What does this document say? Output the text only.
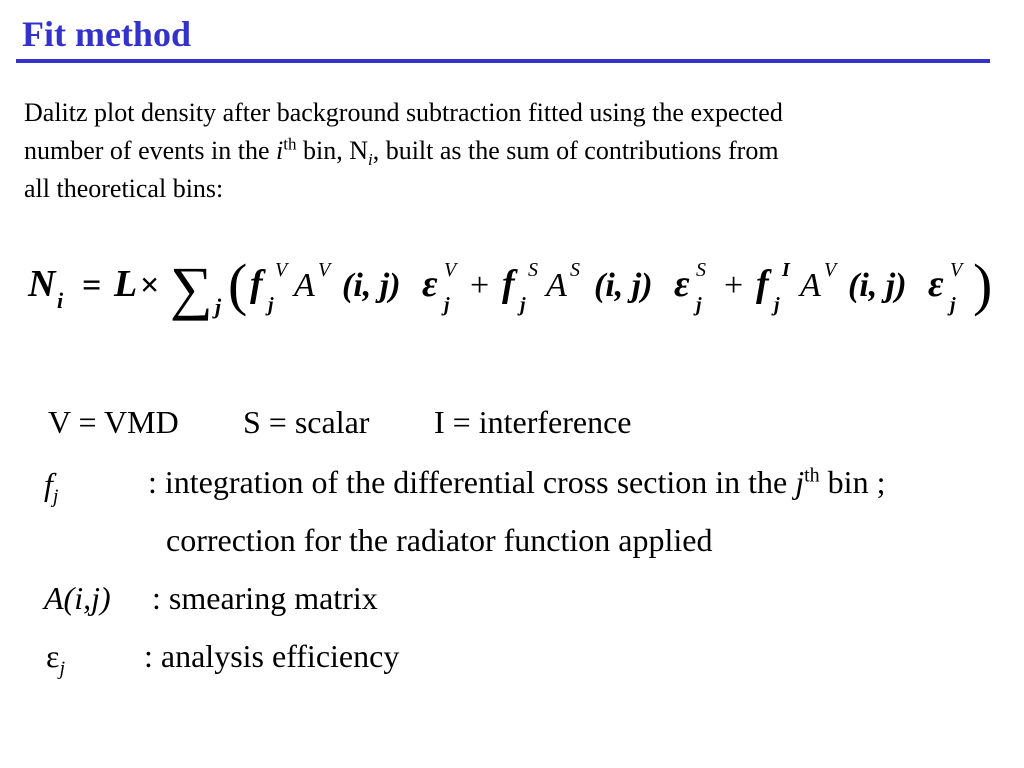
Fit method
Dalitz plot density after background subtraction fitted using the expected
number of events in the $i^{th}$ bin, $N_i$, built as the sum of contributions from
all theoretical bins:
N i = L × ∑ j ( f V
j
A V (i, j) ε V
j
+ f S
j
A S (i, j) ε S
j
+ f I
j
A V (i, j) ε V
j )
V = VMD S = scalar I = interference
$f_j$	: integration of the differential cross section in the $j^{th}$ bin ;
correction for the radiator function applied
A(i,j) : smearing matrix
$\varepsilon_j$ : analysis efficiency
